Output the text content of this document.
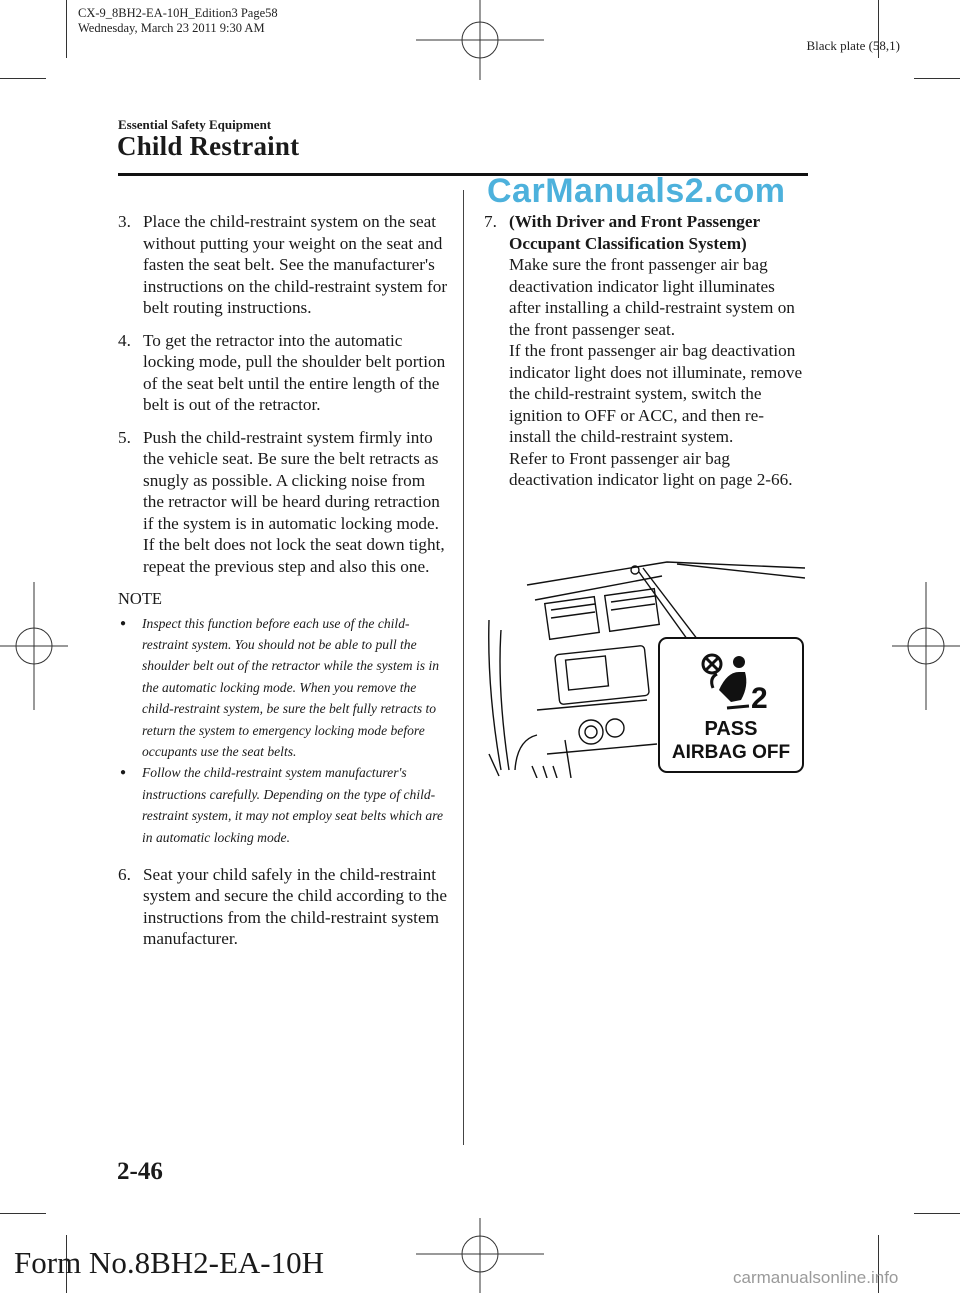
CX-9_8BH2-EA-10H_Edition3 Page58
Wednesday, March 23 2011 9:30 AM
Black plate (58,1)
Essential Safety Equipment
Child Restraint
CarManuals2.com
3. Place the child-restraint system on the seat without putting your weight on the seat and fasten the seat belt. See the manufacturer's instructions on the child-restraint system for belt routing instructions.
4. To get the retractor into the automatic locking mode, pull the shoulder belt portion of the seat belt until the entire length of the belt is out of the retractor.
5. Push the child-restraint system firmly into the vehicle seat. Be sure the belt retracts as snugly as possible. A clicking noise from the retractor will be heard during retraction if the system is in automatic locking mode. If the belt does not lock the seat down tight, repeat the previous step and also this one.
NOTE
● Inspect this function before each use of the child-restraint system. You should not be able to pull the shoulder belt out of the retractor while the system is in the automatic locking mode. When you remove the child-restraint system, be sure the belt fully retracts to return the system to emergency locking mode before occupants use the seat belts.
● Follow the child-restraint system manufacturer's instructions carefully. Depending on the type of child-restraint system, it may not employ seat belts which are in automatic locking mode.
6. Seat your child safely in the child-restraint system and secure the child according to the instructions from the child-restraint system manufacturer.
7. (With Driver and Front Passenger Occupant Classification System)
Make sure the front passenger air bag deactivation indicator light illuminates after installing a child-restraint system on the front passenger seat.
If the front passenger air bag deactivation indicator light does not illuminate, remove the child-restraint system, switch the ignition to OFF or ACC, and then re-install the child-restraint system.
Refer to Front passenger air bag deactivation indicator light on page 2-66.
2
PASS
AIRBAG OFF
2-46
Form No.8BH2-EA-10H	carmanualsonline.info
